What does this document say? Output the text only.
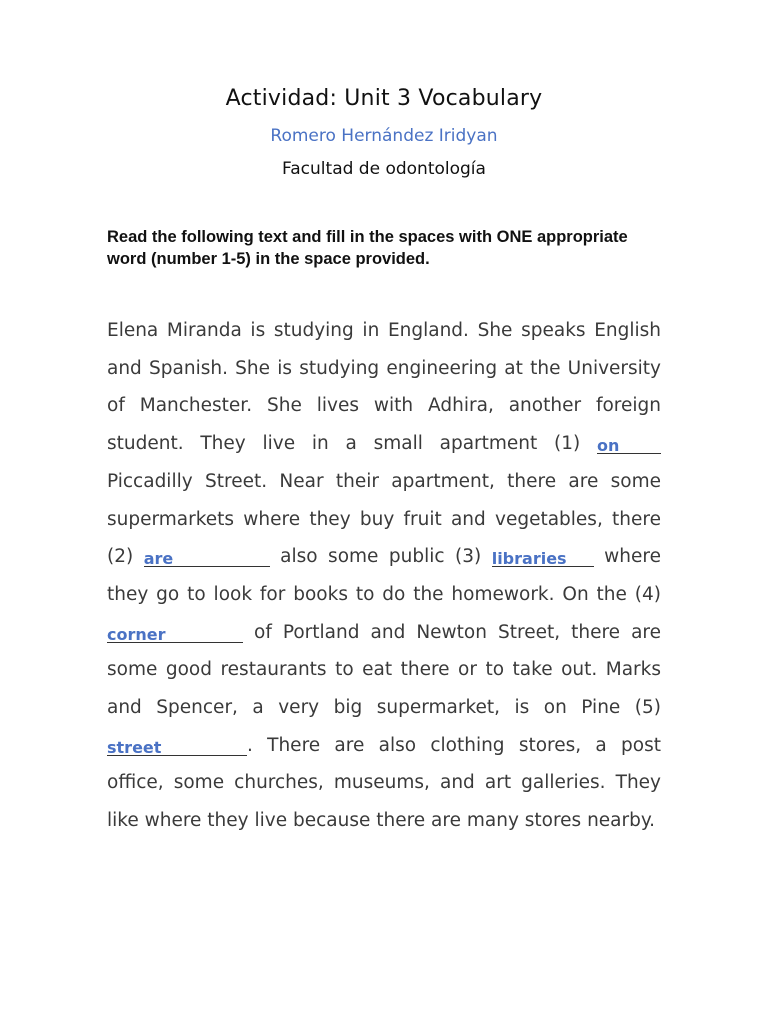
Actividad: Unit 3 Vocabulary
Romero Hernández Iridyan
Facultad de odontología
Read the following text and fill in the spaces with ONE appropriate word (number 1-5) in the space provided.
Elena Miranda is studying in England. She speaks English and Spanish. She is studying engineering at the University of Manchester. She lives with Adhira, another foreign student. They live in a small apartment (1) on Piccadilly Street. Near their apartment, there are some supermarkets where they buy fruit and vegetables, there (2) are	also some public (3) libraries where they go to look for books to do the homework. On the (4) corner	of Portland and Newton Street, there are some good restaurants to eat there or to take out. Marks and Spencer, a very big supermarket, is on Pine (5) street	. There are also clothing stores, a post office, some churches, museums, and art galleries. They like where they live because there are many stores nearby.
